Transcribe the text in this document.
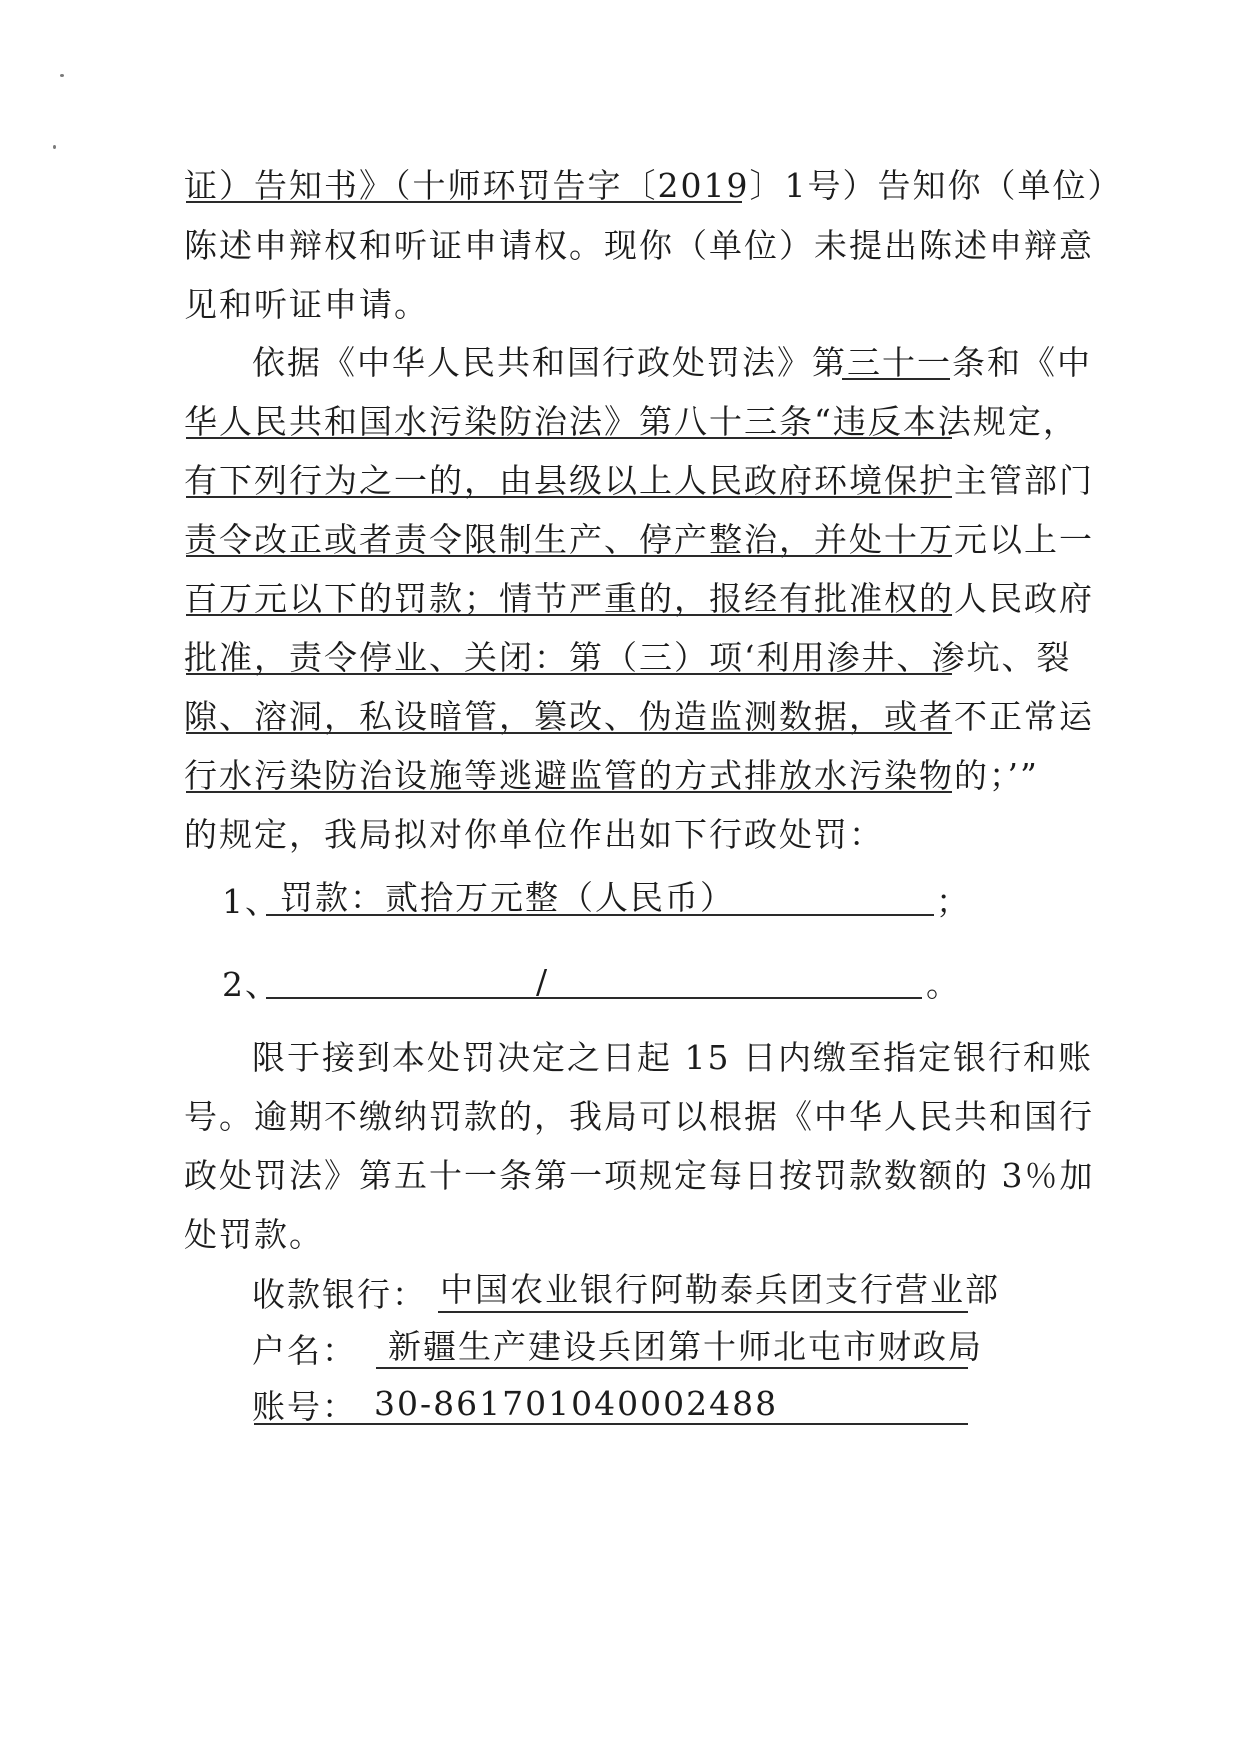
证）告知书》（十师环罚告字〔2019〕1号）告知你（单位）
陈述申辩权和听证申请权。现你（单位）未提出陈述申辩意
见和听证申请。
依据《中华人民共和国行政处罚法》第三十一条和《中
华人民共和国水污染防治法》第八十三条“违反本法规定，
有下列行为之一的，由县级以上人民政府环境保护主管部门
责令改正或者责令限制生产、停产整治，并处十万元以上一
百万元以下的罚款；情节严重的，报经有批准权的人民政府
批准，责令停业、关闭：第（三）项‘利用渗井、渗坑、裂
隙、溶洞，私设暗管，篡改、伪造监测数据，或者不正常运
行水污染防治设施等逃避监管的方式排放水污染物的；’”
的规定，我局拟对你单位作出如下行政处罚：
1、 罚款：贰拾万元整（人民币）	；
2、	/	。
限于接到本处罚决定之日起 15 日内缴至指定银行和账
号。逾期不缴纳罚款的，我局可以根据《中华人民共和国行
政处罚法》第五十一条第一项规定每日按罚款数额的 3％加
处罚款。
收款银行： 中国农业银行阿勒泰兵团支行营业部
户名： 新疆生产建设兵团第十师北屯市财政局
账号： 30-861701040002488
